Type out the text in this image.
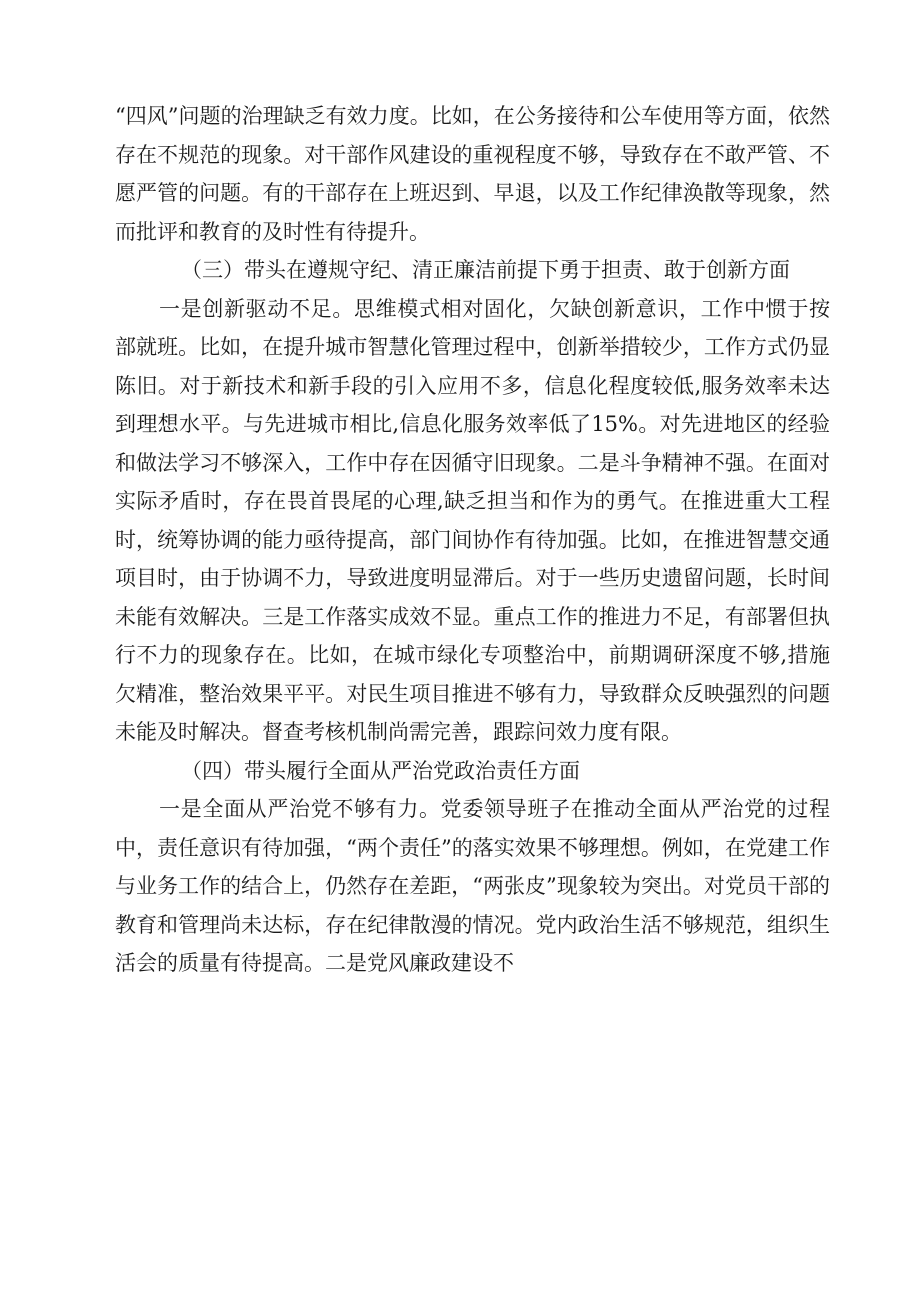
“四风”问题的治理缺乏有效力度。比如，在公务接待和公车使用等方面，依然存在不规范的现象。对干部作风建设的重视程度不够，导致存在不敢严管、不愿严管的问题。有的干部存在上班迟到、早退，以及工作纪律涣散等现象，然而批评和教育的及时性有待提升。

（三）带头在遵规守纪、清正廉洁前提下勇于担责、敢于创新方面

一是创新驱动不足。思维模式相对固化，欠缺创新意识，工作中惯于按部就班。比如，在提升城市智慧化管理过程中，创新举措较少，工作方式仍显陈旧。对于新技术和新手段的引入应用不多，信息化程度较低,服务效率未达到理想水平。与先进城市相比,信息化服务效率低了15%。对先进地区的经验和做法学习不够深入，工作中存在因循守旧现象。二是斗争精神不强。在面对实际矛盾时，存在畏首畏尾的心理,缺乏担当和作为的勇气。在推进重大工程时，统筹协调的能力亟待提高，部门间协作有待加强。比如，在推进智慧交通项目时，由于协调不力，导致进度明显滞后。对于一些历史遗留问题，长时间未能有效解决。三是工作落实成效不显。重点工作的推进力不足，有部署但执行不力的现象存在。比如，在城市绿化专项整治中，前期调研深度不够,措施欠精准，整治效果平平。对民生项目推进不够有力，导致群众反映强烈的问题未能及时解决。督查考核机制尚需完善，跟踪问效力度有限。

（四）带头履行全面从严治党政治责任方面

一是全面从严治党不够有力。党委领导班子在推动全面从严治党的过程中，责任意识有待加强，“两个责任”的落实效果不够理想。例如，在党建工作与业务工作的结合上，仍然存在差距，“两张皮”现象较为突出。对党员干部的教育和管理尚未达标，存在纪律散漫的情况。党内政治生活不够规范，组织生活会的质量有待提高。二是党风廉政建设不
